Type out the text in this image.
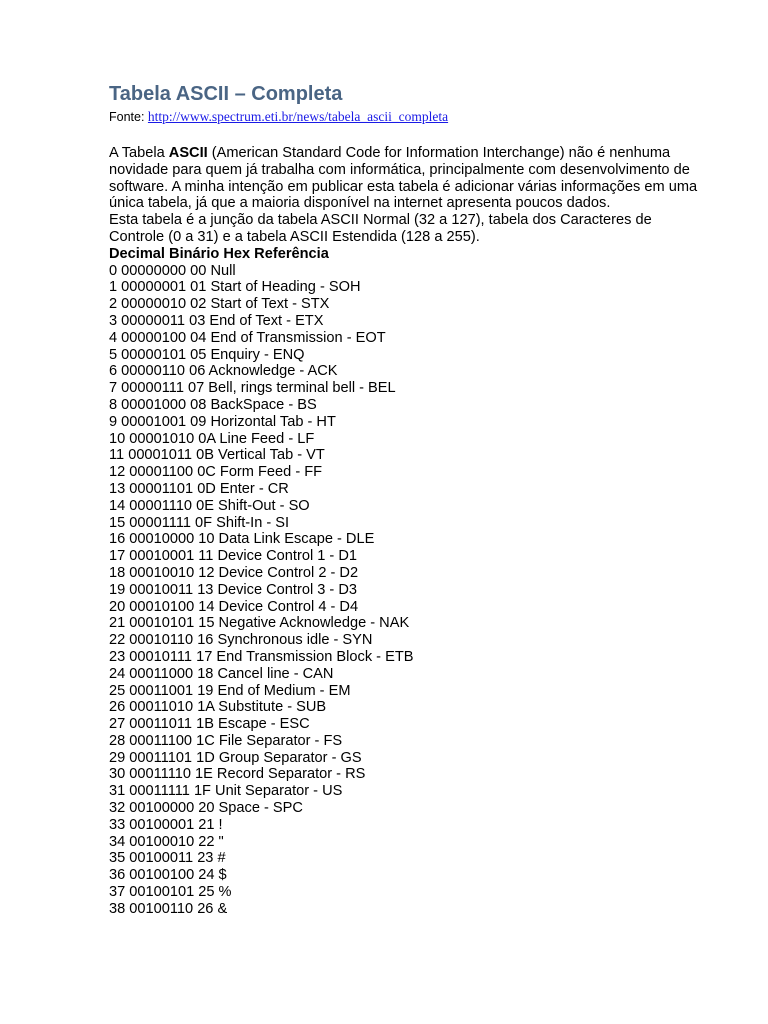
Tabela ASCII – Completa

Fonte: http://www.spectrum.eti.br/news/tabela_ascii_completa

A Tabela ASCII (American Standard Code for Information Interchange) não é nenhuma novidade para quem já trabalha com informática, principalmente com desenvolvimento de software. A minha intenção em publicar esta tabela é adicionar várias informações em uma única tabela, já que a maioria disponível na internet apresenta poucos dados.

Esta tabela é a junção da tabela ASCII Normal (32 a 127), tabela dos Caracteres de Controle (0 a 31) e a tabela ASCII Estendida (128 a 255).

Decimal Binário Hex Referência
0 00000000 00 Null
1 00000001 01 Start of Heading - SOH
2 00000010 02 Start of Text - STX
3 00000011 03 End of Text - ETX
4 00000100 04 End of Transmission - EOT
5 00000101 05 Enquiry - ENQ
6 00000110 06 Acknowledge - ACK
7 00000111 07 Bell, rings terminal bell - BEL
8 00001000 08 BackSpace - BS
9 00001001 09 Horizontal Tab - HT
10 00001010 0A Line Feed - LF
11 00001011 0B Vertical Tab - VT
12 00001100 0C Form Feed - FF
13 00001101 0D Enter - CR
14 00001110 0E Shift-Out - SO
15 00001111 0F Shift-In - SI
16 00010000 10 Data Link Escape - DLE
17 00010001 11 Device Control 1 - D1
18 00010010 12 Device Control 2 - D2
19 00010011 13 Device Control 3 - D3
20 00010100 14 Device Control 4 - D4
21 00010101 15 Negative Acknowledge - NAK
22 00010110 16 Synchronous idle - SYN
23 00010111 17 End Transmission Block - ETB
24 00011000 18 Cancel line - CAN
25 00011001 19 End of Medium - EM
26 00011010 1A Substitute - SUB
27 00011011 1B Escape - ESC
28 00011100 1C File Separator - FS
29 00011101 1D Group Separator - GS
30 00011110 1E Record Separator - RS
31 00011111 1F Unit Separator - US
32 00100000 20 Space - SPC
33 00100001 21 !
34 00100010 22 "
35 00100011 23 #
36 00100100 24 $
37 00100101 25 %
38 00100110 26 &
